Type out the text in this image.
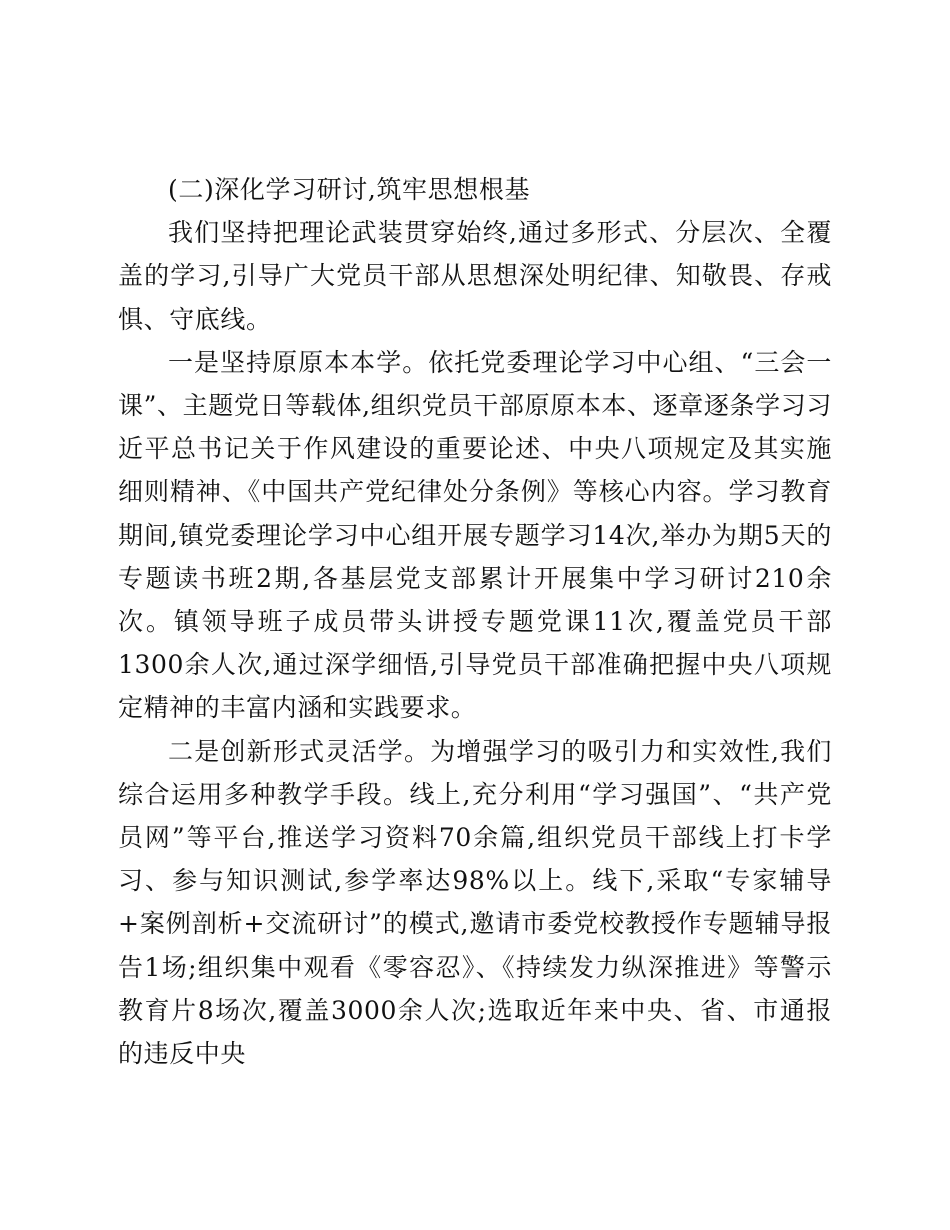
(二)深化学习研讨,筑牢思想根基

我们坚持把理论武装贯穿始终,通过多形式、分层次、全覆盖的学习,引导广大党员干部从思想深处明纪律、知敬畏、存戒惧、守底线。

一是坚持原原本本学。依托党委理论学习中心组、“三会一课”、主题党日等载体,组织党员干部原原本本、逐章逐条学习习近平总书记关于作风建设的重要论述、中央八项规定及其实施细则精神、《中国共产党纪律处分条例》等核心内容。学习教育期间,镇党委理论学习中心组开展专题学习14次,举办为期5天的专题读书班2期,各基层党支部累计开展集中学习研讨210余次。镇领导班子成员带头讲授专题党课11次,覆盖党员干部1300余人次,通过深学细悟,引导党员干部准确把握中央八项规定精神的丰富内涵和实践要求。

二是创新形式灵活学。为增强学习的吸引力和实效性,我们综合运用多种教学手段。线上,充分利用“学习强国”、“共产党员网”等平台,推送学习资料70余篇,组织党员干部线上打卡学习、参与知识测试,参学率达98%以上。线下,采取“专家辅导+案例剖析+交流研讨”的模式,邀请市委党校教授作专题辅导报告1场;组织集中观看《零容忍》、《持续发力纵深推进》等警示教育片8场次,覆盖3000余人次;选取近年来中央、省、市通报的违反中央
